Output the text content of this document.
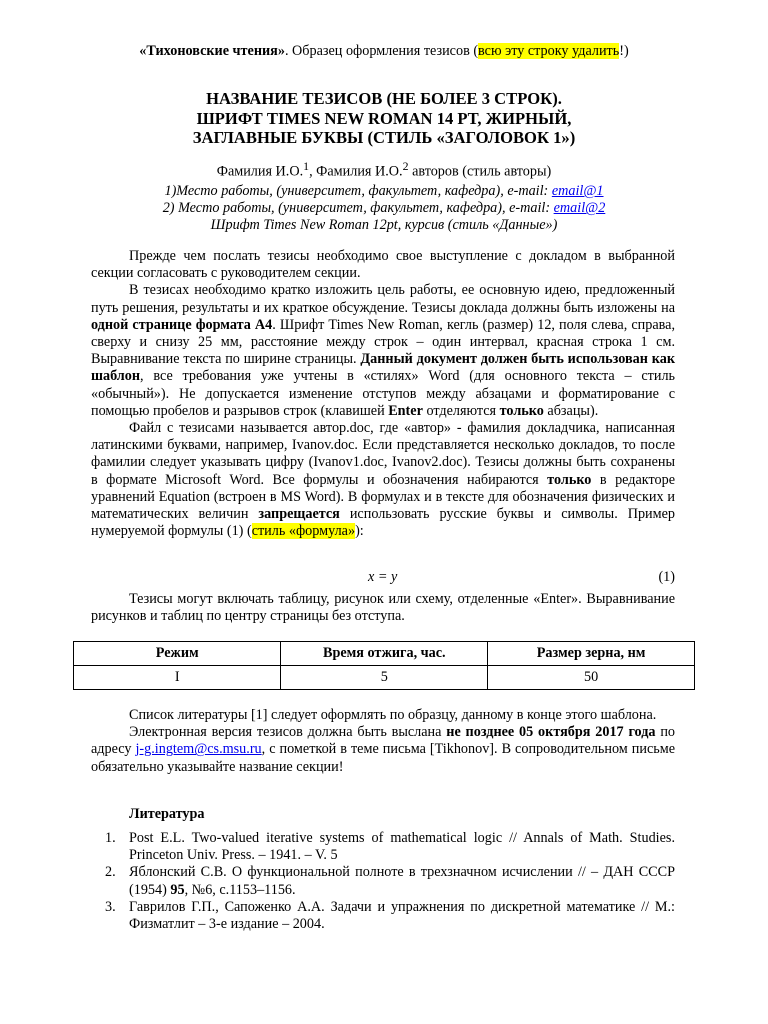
«Тихоновские чтения». Образец оформления тезисов (всю эту строку удалить!)
НАЗВАНИЕ ТЕЗИСОВ (НЕ БОЛЕЕ 3 СТРОК).
ШРИФТ TIMES NEW ROMAN 14 PT, ЖИРНЫЙ,
ЗАГЛАВНЫЕ БУКВЫ (СТИЛЬ «ЗАГОЛОВОК 1»)
Фамилия И.О.$^1$, Фамилия И.О.$^2$ авторов (стиль авторы)
1)Место работы, (университет, факультет, кафедра), e-mail: email@1
2) Место работы, (университет, факультет, кафедра), e-mail: email@2
Шрифт Times New Roman 12pt, курсив (стиль «Данные»)

Прежде чем послать тезисы необходимо свое выступление с докладом в выбранной секции согласовать с руководителем секции.

В тезисах необходимо кратко изложить цель работы, ее основную идею, предложенный путь решения, результаты и их краткое обсуждение. Тезисы доклада должны быть изложены на одной странице формата А4. Шрифт Times New Roman, кегль (размер) 12, поля слева, справа, сверху и снизу 25 мм, расстояние между строк – один интервал, красная строка 1 см. Выравнивание текста по ширине страницы. Данный документ должен быть использован как шаблон, все требования уже учтены в «стилях» Word (для основного текста – стиль «обычный»). Не допускается изменение отступов между абзацами и форматирование с помощью пробелов и разрывов строк (клавишей Enter отделяются только абзацы).

Файл с тезисами называется автор.doc, где «автор» - фамилия докладчика, написанная латинскими буквами, например, Ivanov.doc. Если представляется несколько докладов, то после фамилии следует указывать цифру (Ivanov1.doc, Ivanov2.doc). Тезисы должны быть сохранены в формате Microsoft Word. Все формулы и обозначения набираются только в редакторе уравнений Equation (встроен в MS Word). В формулах и в тексте для обозначения физических и математических величин запрещается использовать русские буквы и символы. Пример нумеруемой формулы (1) (стиль «формула»):

x = y	(1)

Тезисы могут включать таблицу, рисунок или схему, отделенные «Enter». Выравнивание рисунков и таблиц по центру страницы без отступа.

Режим	Время отжига, час.	Размер зерна, нм
I	5	50

Список литературы [1] следует оформлять по образцу, данному в конце этого шаблона.

Электронная версия тезисов должна быть выслана не позднее 05 октября 2017 года по адресу j-g.ingtem@cs.msu.ru, с пометкой в теме письма [Tikhonov]. В сопроводительном письме обязательно указывайте название секции!

Литература
1. Post E.L. Two-valued iterative systems of mathematical logic // Annals of Math. Studies. Princeton Univ. Press. – 1941. – V. 5
2. Яблонский С.В. О функциональной полноте в трехзначном исчислении // – ДАН СССР (1954) 95, №6, с.1153–1156.
3. Гаврилов Г.П., Сапоженко А.А. Задачи и упражнения по дискретной математике // М.: Физматлит – 3-е издание – 2004.
